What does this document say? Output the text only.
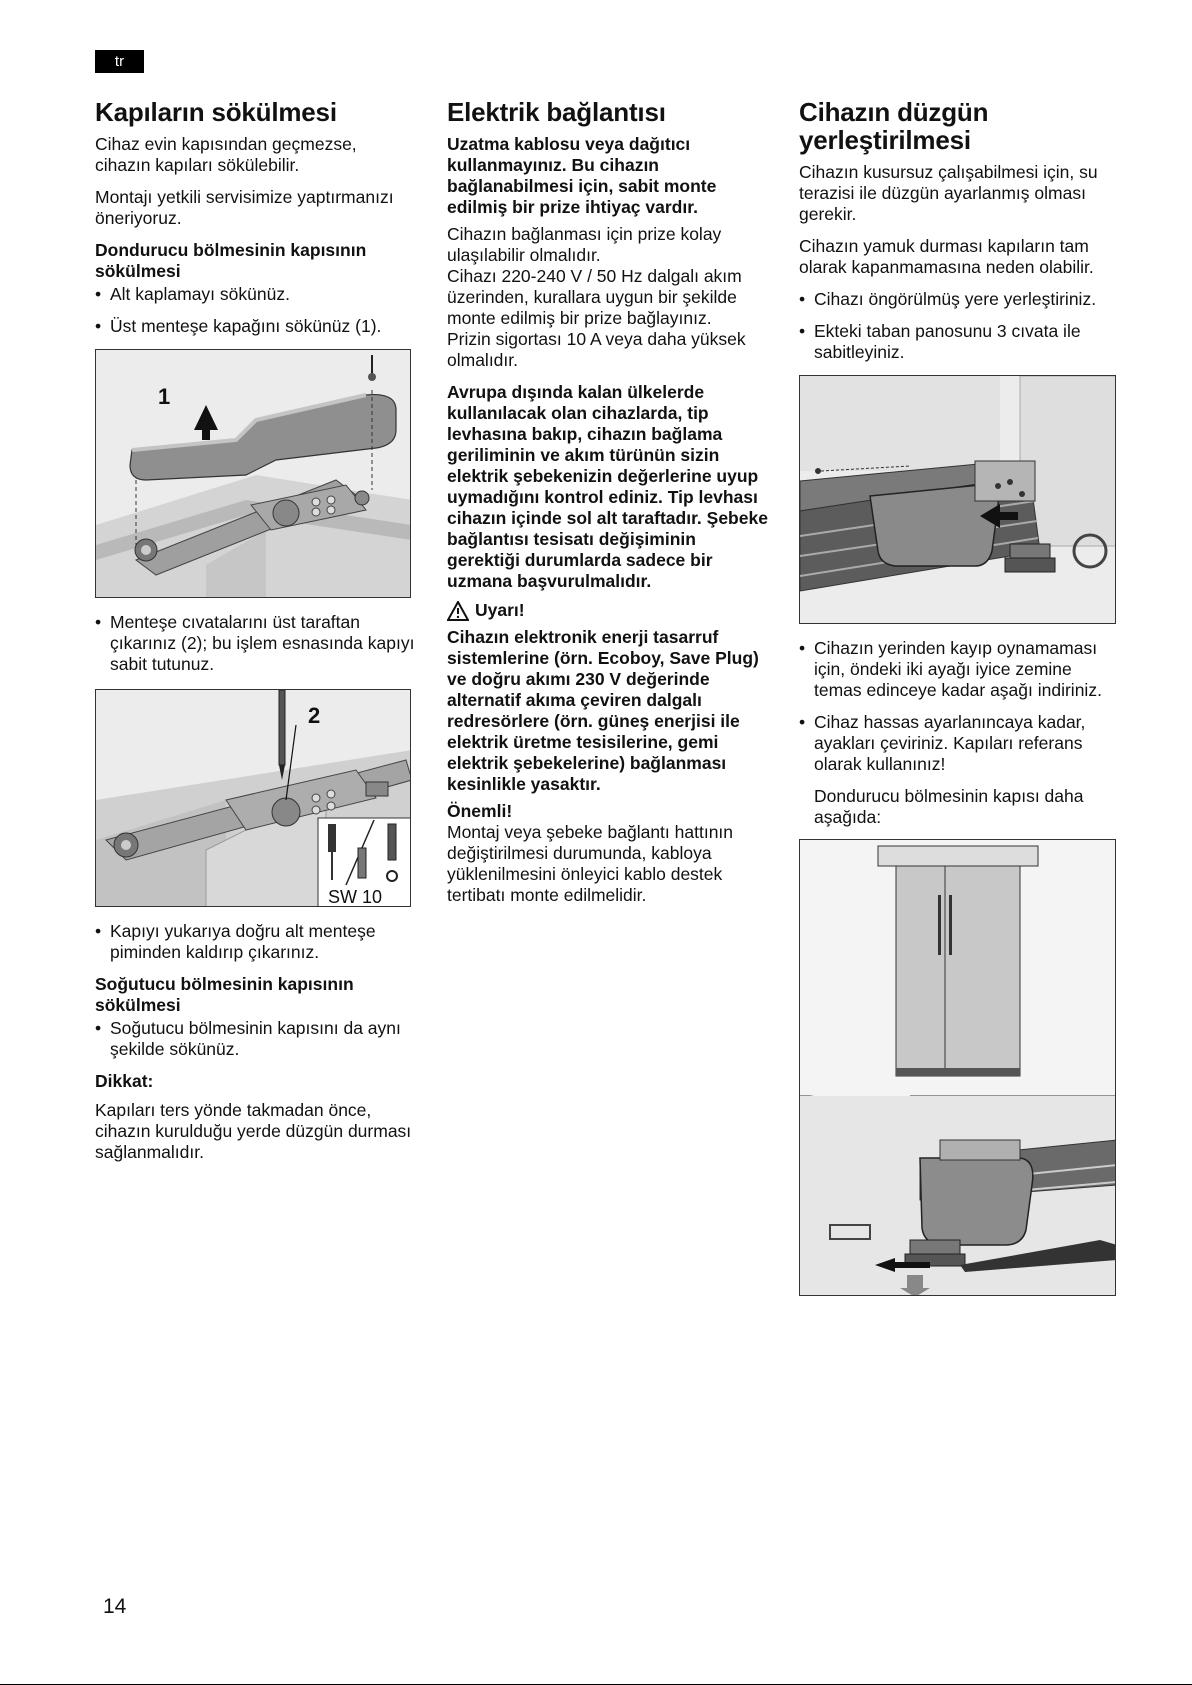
tr
Kapıların sökülmesi

Cihaz evin kapısından geçmezse, cihazın kapıları sökülebilir.

Montajı yetkili servisimize yaptırmanızı öneriyoruz.

Dondurucu bölmesinin kapısının sökülmesi
• Alt kaplamayı sökünüz.
• Üst menteşe kapağını sökünüz (1).
1
• Menteşe cıvatalarını üst taraftan çıkarınız (2); bu işlem esnasında kapıyı sabit tutunuz.
2
SW 10
• Kapıyı yukarıya doğru alt menteşe piminden kaldırıp çıkarınız.
Soğutucu bölmesinin kapısının sökülmesi
• Soğutucu bölmesinin kapısını da aynı şekilde sökünüz.

Dikkat:

Kapıları ters yönde takmadan önce, cihazın kurulduğu yerde düzgün durması sağlanmalıdır.

Elektrik bağlantısı

Uzatma kablosu veya dağıtıcı kullanmayınız. Bu cihazın bağlanabilmesi için, sabit monte edilmiş bir prize ihtiyaç vardır.

Cihazın bağlanması için prize kolay ulaşılabilir olmalıdır.

Cihazı 220-240 V / 50 Hz dalgalı akım üzerinden, kurallara uygun bir şekilde monte edilmiş bir prize bağlayınız.

Prizin sigortası 10 A veya daha yüksek olmalıdır.

Avrupa dışında kalan ülkelerde kullanılacak olan cihazlarda, tip levhasına bakıp, cihazın bağlama geriliminin ve akım türünün sizin elektrik şebekenizin değerlerine uyup uymadığını kontrol ediniz. Tip levhası cihazın içinde sol alt taraftadır. Şebeke bağlantısı tesisatı değişiminin gerektiği durumlarda sadece bir uzmana başvurulmalıdır.

Uyarı!

Cihazın elektronik enerji tasarruf sistemlerine (örn. Ecoboy, Save Plug) ve doğru akımı 230 V değerinde alternatif akıma çeviren dalgalı redresörlere (örn. güneş enerjisi ile elektrik üretme tesisilerine, gemi elektrik şebekelerine) bağlanması kesinlikle yasaktır.

Önemli!

Montaj veya şebeke bağlantı hattının değiştirilmesi durumunda, kabloya yüklenilmesini önleyici kablo destek tertibatı monte edilmelidir.

Cihazın düzgün yerleştirilmesi

Cihazın kusursuz çalışabilmesi için, su terazisi ile düzgün ayarlanmış olması gerekir.

Cihazın yamuk durması kapıların tam olarak kapanmamasına neden olabilir.

• Cihazı öngörülmüş yere yerleştiriniz.
• Ekteki taban panosunu 3 cıvata ile sabitleyiniz.
• Cihazın yerinden kayıp oynamaması için, öndeki iki ayağı iyice zemine temas edinceye kadar aşağı indiriniz.
• Cihaz hassas ayarlanıncaya kadar, ayakları çeviriniz. Kapıları referans olarak kullanınız!

Dondurucu bölmesinin kapısı daha aşağıda:

14
